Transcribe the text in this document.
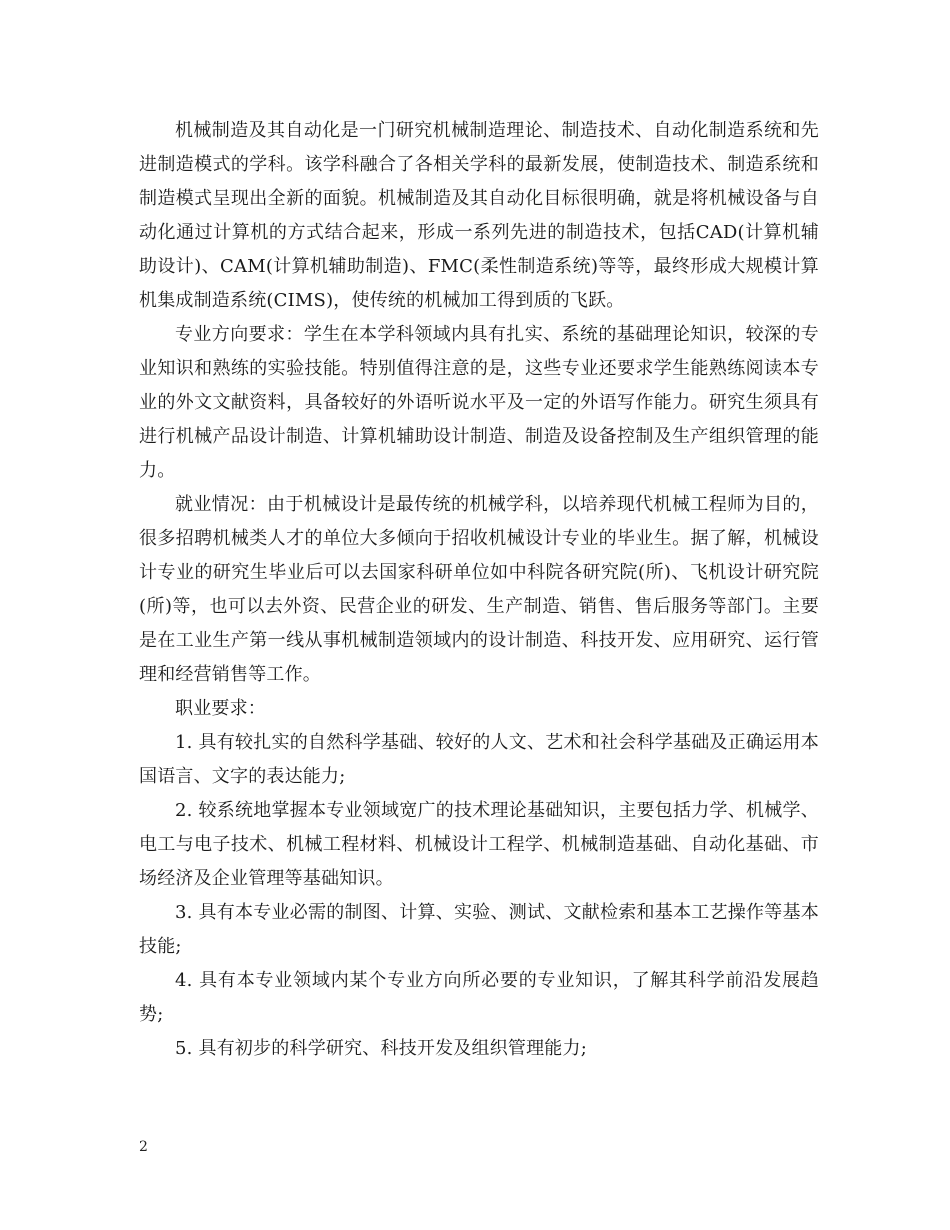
机械制造及其自动化是一门研究机械制造理论、制造技术、自动化制造系统和先进制造模式的学科。该学科融合了各相关学科的最新发展，使制造技术、制造系统和制造模式呈现出全新的面貌。机械制造及其自动化目标很明确，就是将机械设备与自动化通过计算机的方式结合起来，形成一系列先进的制造技术，包括CAD(计算机辅助设计)、CAM(计算机辅助制造)、FMC(柔性制造系统)等等，最终形成大规模计算机集成制造系统(CIMS)，使传统的机械加工得到质的飞跃。

专业方向要求：学生在本学科领域内具有扎实、系统的基础理论知识，较深的专业知识和熟练的实验技能。特别值得注意的是，这些专业还要求学生能熟练阅读本专业的外文文献资料，具备较好的外语听说水平及一定的外语写作能力。研究生须具有进行机械产品设计制造、计算机辅助设计制造、制造及设备控制及生产组织管理的能力。

就业情况：由于机械设计是最传统的机械学科，以培养现代机械工程师为目的，很多招聘机械类人才的单位大多倾向于招收机械设计专业的毕业生。据了解，机械设计专业的研究生毕业后可以去国家科研单位如中科院各研究院(所)、飞机设计研究院(所)等，也可以去外资、民营企业的研发、生产制造、销售、售后服务等部门。主要是在工业生产第一线从事机械制造领域内的设计制造、科技开发、应用研究、运行管理和经营销售等工作。

职业要求：

1. 具有较扎实的自然科学基础、较好的人文、艺术和社会科学基础及正确运用本国语言、文字的表达能力;

2. 较系统地掌握本专业领域宽广的技术理论基础知识，主要包括力学、机械学、电工与电子技术、机械工程材料、机械设计工程学、机械制造基础、自动化基础、市场经济及企业管理等基础知识。

3. 具有本专业必需的制图、计算、实验、测试、文献检索和基本工艺操作等基本技能;

4. 具有本专业领域内某个专业方向所必要的专业知识，了解其科学前沿发展趋势;

5. 具有初步的科学研究、科技开发及组织管理能力;

2
